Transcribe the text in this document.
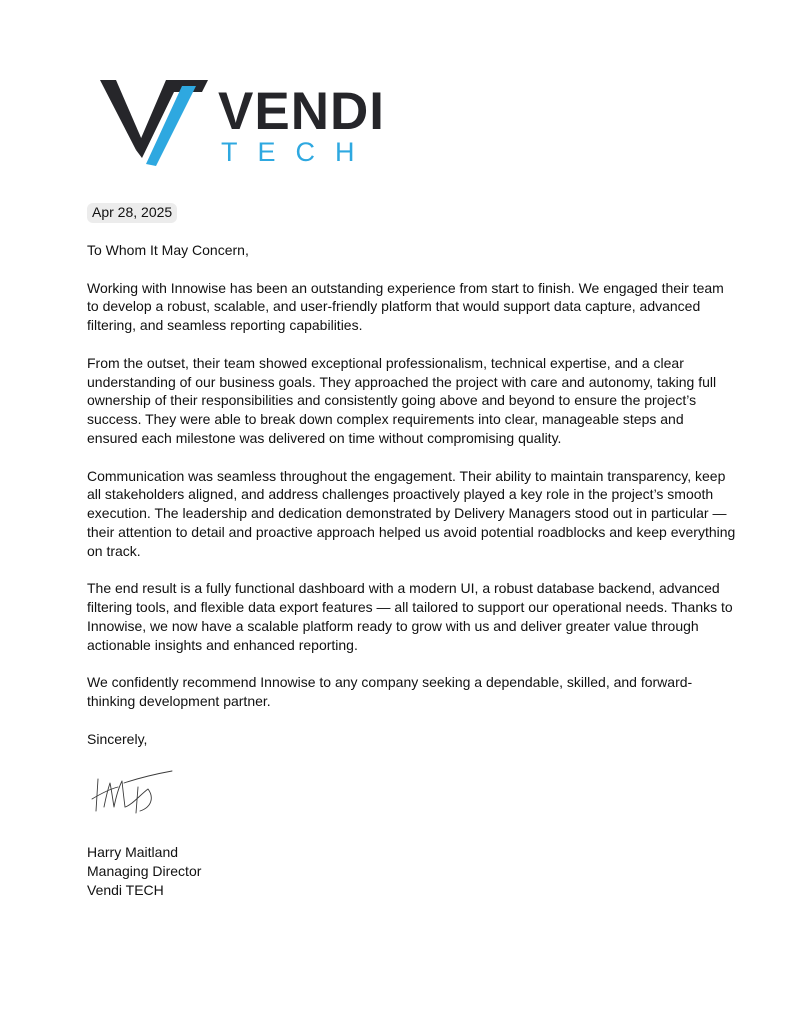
VENDI
TECH
Apr 28, 2025

To Whom It May Concern,

Working with Innowise has been an outstanding experience from start to finish. We engaged their team to develop a robust, scalable, and user-friendly platform that would support data capture, advanced filtering, and seamless reporting capabilities.

From the outset, their team showed exceptional professionalism, technical expertise, and a clear understanding of our business goals. They approached the project with care and autonomy, taking full ownership of their responsibilities and consistently going above and beyond to ensure the project’s success. They were able to break down complex requirements into clear, manageable steps and ensured each milestone was delivered on time without compromising quality.

Communication was seamless throughout the engagement. Their ability to maintain transparency, keep all stakeholders aligned, and address challenges proactively played a key role in the project’s smooth execution. The leadership and dedication demonstrated by Delivery Managers stood out in particular — their attention to detail and proactive approach helped us avoid potential roadblocks and keep everything on track.

The end result is a fully functional dashboard with a modern UI, a robust database backend, advanced filtering tools, and flexible data export features — all tailored to support our operational needs. Thanks to Innowise, we now have a scalable platform ready to grow with us and deliver greater value through actionable insights and enhanced reporting.

We confidently recommend Innowise to any company seeking a dependable, skilled, and forward-thinking development partner.

Sincerely,

Harry Maitland
Managing Director
Vendi TECH
